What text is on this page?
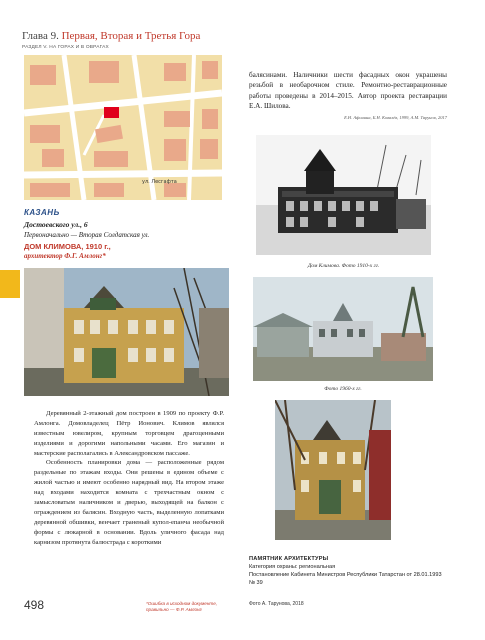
Глава 9. Первая, Вторая и Третья Гора
РАЗДЕЛ V. НА ГОРАХ И В ОВРАГАХ
ул. Лесгафта
балясинами. Наличники шести фасадных окон украшены резьбой в необарочном стиле. Ремонтно-реставрационные работы проведены в 2014–2015. Автор проекта реставрации Е.А. Шилова.
Е.Н. Афонина, Б.Н. Ковалёв, 1999, А.М. Тарунов, 2017
Дом Климова. Фото 1910-х гг.
Фото 1960-х гг.
КАЗАНЬ
Достоевского ул., 6
Первоначально — Вторая Солдатская ул.
ДОМ КЛИМОВА, 1910 г.,
архитектор Ф.Г. Амлонг*

Деревянный 2-этажный дом построен в 1909 по проекту Ф.Р. Амлонга. Домовладелец Пётр Ионович. Климов являлся известным ювелиром, крупным торговцем драгоценными изделиями и дорогими напольными часами. Его магазин и мастерские располагались в Александровском пассаже.

Особенность планировки дома — расположенные рядом раздельные по этажам входы. Они решены в едином объеме с жилой частью и имеют особенно нарядный вид. На втором этаже над входами находится комната с трехчастным окном с замысловатым наличником и дверью, выходящей на балкон с ограждением из балясин. Входную часть, выделенную лопатками деревянной обшивки, венчает граненый купол-епанча необычной формы с люкарной в основании. Вдоль уличного фасада над карнизом протянута балюстрада с короткими

ПАМЯТНИК АРХИТЕКТУРЫ
Категория охраны: региональная
Постановление Кабинета Министров Республики Татарстан от 28.01.1993 № 39
498	*Ошибка в исходном документе, правильно — Ф.Р. Амлонг
Фото А. Тарунова, 2018
